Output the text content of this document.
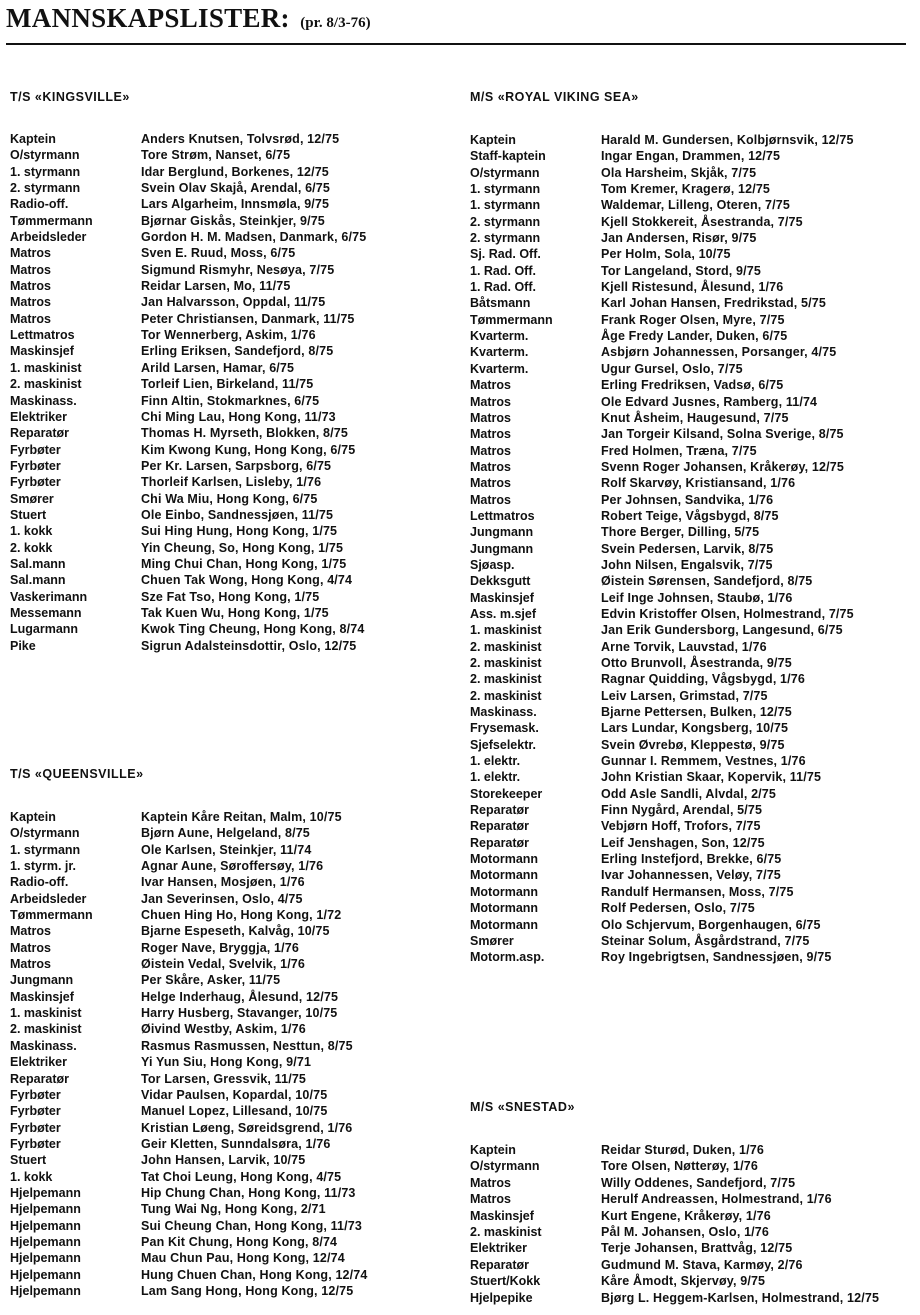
MANNSKAPSLISTER: (pr. 8/3-76)
T/S «KINGSVILLE»
Kaptein	Anders Knutsen, Tolvsrød, 12/75
O/styrmann	Tore Strøm, Nanset, 6/75
1. styrmann	Idar Berglund, Borkenes, 12/75
2. styrmann	Svein Olav Skajå, Arendal, 6/75
Radio-off.	Lars Algarheim, Innsmøla, 9/75
Tømmermann	Bjørnar Giskås, Steinkjer, 9/75
Arbeidsleder	Gordon H. M. Madsen, Danmark, 6/75
Matros	Sven E. Ruud, Moss, 6/75
Matros	Sigmund Rismyhr, Nesøya, 7/75
Matros	Reidar Larsen, Mo, 11/75
Matros	Jan Halvarsson, Oppdal, 11/75
Matros	Peter Christiansen, Danmark, 11/75
Lettmatros	Tor Wennerberg, Askim, 1/76
Maskinsjef	Erling Eriksen, Sandefjord, 8/75
1. maskinist	Arild Larsen, Hamar, 6/75
2. maskinist	Torleif Lien, Birkeland, 11/75
Maskinass.	Finn Altin, Stokmarknes, 6/75
Elektriker	Chi Ming Lau, Hong Kong, 11/73
Reparatør	Thomas H. Myrseth, Blokken, 8/75
Fyrbøter	Kim Kwong Kung, Hong Kong, 6/75
Fyrbøter	Per Kr. Larsen, Sarpsborg, 6/75
Fyrbøter	Thorleif Karlsen, Lisleby, 1/76
Smører	Chi Wa Miu, Hong Kong, 6/75
Stuert	Ole Einbo, Sandnessjøen, 11/75
1. kokk	Sui Hing Hung, Hong Kong, 1/75
2. kokk	Yin Cheung, So, Hong Kong, 1/75
Sal.mann	Ming Chui Chan, Hong Kong, 1/75
Sal.mann	Chuen Tak Wong, Hong Kong, 4/74
Vaskerimann	Sze Fat Tso, Hong Kong, 1/75
Messemann	Tak Kuen Wu, Hong Kong, 1/75
Lugarmann	Kwok Ting Cheung, Hong Kong, 8/74
Pike	Sigrun Adalsteinsdottir, Oslo, 12/75
T/S «QUEENSVILLE»
Kaptein	Kaptein Kåre Reitan, Malm, 10/75
O/styrmann	Bjørn Aune, Helgeland, 8/75
1. styrmann	Ole Karlsen, Steinkjer, 11/74
1. styrm. jr.	Agnar Aune, Søroffersøy, 1/76
Radio-off.	Ivar Hansen, Mosjøen, 1/76
Arbeidsleder	Jan Severinsen, Oslo, 4/75
Tømmermann	Chuen Hing Ho, Hong Kong, 1/72
Matros	Bjarne Espeseth, Kalvåg, 10/75
Matros	Roger Nave, Bryggja, 1/76
Matros	Øistein Vedal, Svelvik, 1/76
Jungmann	Per Skåre, Asker, 11/75
Maskinsjef	Helge Inderhaug, Ålesund, 12/75
1. maskinist	Harry Husberg, Stavanger, 10/75
2. maskinist	Øivind Westby, Askim, 1/76
Maskinass.	Rasmus Rasmussen, Nesttun, 8/75
Elektriker	Yi Yun Siu, Hong Kong, 9/71
Reparatør	Tor Larsen, Gressvik, 11/75
Fyrbøter	Vidar Paulsen, Kopardal, 10/75
Fyrbøter	Manuel Lopez, Lillesand, 10/75
Fyrbøter	Kristian Løeng, Søreidsgrend, 1/76
Fyrbøter	Geir Kletten, Sunndalsøra, 1/76
Stuert	John Hansen, Larvik, 10/75
1. kokk	Tat Choi Leung, Hong Kong, 4/75
Hjelpemann	Hip Chung Chan, Hong Kong, 11/73
Hjelpemann	Tung Wai Ng, Hong Kong, 2/71
Hjelpemann	Sui Cheung Chan, Hong Kong, 11/73
Hjelpemann	Pan Kit Chung, Hong Kong, 8/74
Hjelpemann	Mau Chun Pau, Hong Kong, 12/74
Hjelpemann	Hung Chuen Chan, Hong Kong, 12/74
Hjelpemann	Lam Sang Hong, Hong Kong, 12/75
M/S «ROYAL VIKING SEA»
Kaptein	Harald M. Gundersen, Kolbjørnsvik, 12/75
Staff-kaptein	Ingar Engan, Drammen, 12/75
O/styrmann	Ola Harsheim, Skjåk, 7/75
1. styrmann	Tom Kremer, Kragerø, 12/75
1. styrmann	Waldemar, Lilleng, Oteren, 7/75
2. styrmann	Kjell Stokkereit, Åsestranda, 7/75
2. styrmann	Jan Andersen, Risør, 9/75
Sj. Rad. Off.	Per Holm, Sola, 10/75
1. Rad. Off.	Tor Langeland, Stord, 9/75
1. Rad. Off.	Kjell Ristesund, Ålesund, 1/76
Båtsmann	Karl Johan Hansen, Fredrikstad, 5/75
Tømmermann	Frank Roger Olsen, Myre, 7/75
Kvarterm.	Åge Fredy Lander, Duken, 6/75
Kvarterm.	Asbjørn Johannessen, Porsanger, 4/75
Kvarterm.	Ugur Gursel, Oslo, 7/75
Matros	Erling Fredriksen, Vadsø, 6/75
Matros	Ole Edvard Jusnes, Ramberg, 11/74
Matros	Knut Åsheim, Haugesund, 7/75
Matros	Jan Torgeir Kilsand, Solna Sverige, 8/75
Matros	Fred Holmen, Træna, 7/75
Matros	Svenn Roger Johansen, Kråkerøy, 12/75
Matros	Rolf Skarvøy, Kristiansand, 1/76
Matros	Per Johnsen, Sandvika, 1/76
Lettmatros	Robert Teige, Vågsbygd, 8/75
Jungmann	Thore Berger, Dilling, 5/75
Jungmann	Svein Pedersen, Larvik, 8/75
Sjøasp.	John Nilsen, Engalsvik, 7/75
Dekksgutt	Øistein Sørensen, Sandefjord, 8/75
Maskinsjef	Leif Inge Johnsen, Staubø, 1/76
Ass. m.sjef	Edvin Kristoffer Olsen, Holmestrand, 7/75
1. maskinist	Jan Erik Gundersborg, Langesund, 6/75
2. maskinist	Arne Torvik, Lauvstad, 1/76
2. maskinist	Otto Brunvoll, Åsestranda, 9/75
2. maskinist	Ragnar Quidding, Vågsbygd, 1/76
2. maskinist	Leiv Larsen, Grimstad, 7/75
Maskinass.	Bjarne Pettersen, Bulken, 12/75
Frysemask.	Lars Lundar, Kongsberg, 10/75
Sjefselektr.	Svein Øvrebø, Kleppestø, 9/75
1. elektr.	Gunnar I. Remmem, Vestnes, 1/76
1. elektr.	John Kristian Skaar, Kopervik, 11/75
Storekeeper	Odd Asle Sandli, Alvdal, 2/75
Reparatør	Finn Nygård, Arendal, 5/75
Reparatør	Vebjørn Hoff, Trofors, 7/75
Reparatør	Leif Jenshagen, Son, 12/75
Motormann	Erling Instefjord, Brekke, 6/75
Motormann	Ivar Johannessen, Veløy, 7/75
Motormann	Randulf Hermansen, Moss, 7/75
Motormann	Rolf Pedersen, Oslo, 7/75
Motormann	Olo Schjervum, Borgenhaugen, 6/75
Smører	Steinar Solum, Åsgårdstrand, 7/75
Motorm.asp.	Roy Ingebrigtsen, Sandnessjøen, 9/75
M/S «SNESTAD»
Kaptein	Reidar Sturød, Duken, 1/76
O/styrmann	Tore Olsen, Nøtterøy, 1/76
Matros	Willy Oddenes, Sandefjord, 7/75
Matros	Herulf Andreassen, Holmestrand, 1/76
Maskinsjef	Kurt Engene, Kråkerøy, 1/76
2. maskinist	Pål M. Johansen, Oslo, 1/76
Elektriker	Terje Johansen, Brattvåg, 12/75
Reparatør	Gudmund M. Stava, Karmøy, 2/76
Stuert/Kokk	Kåre Åmodt, Skjervøy, 9/75
Hjelpepike	Bjørg L. Heggem-Karlsen, Holmestrand, 12/75
